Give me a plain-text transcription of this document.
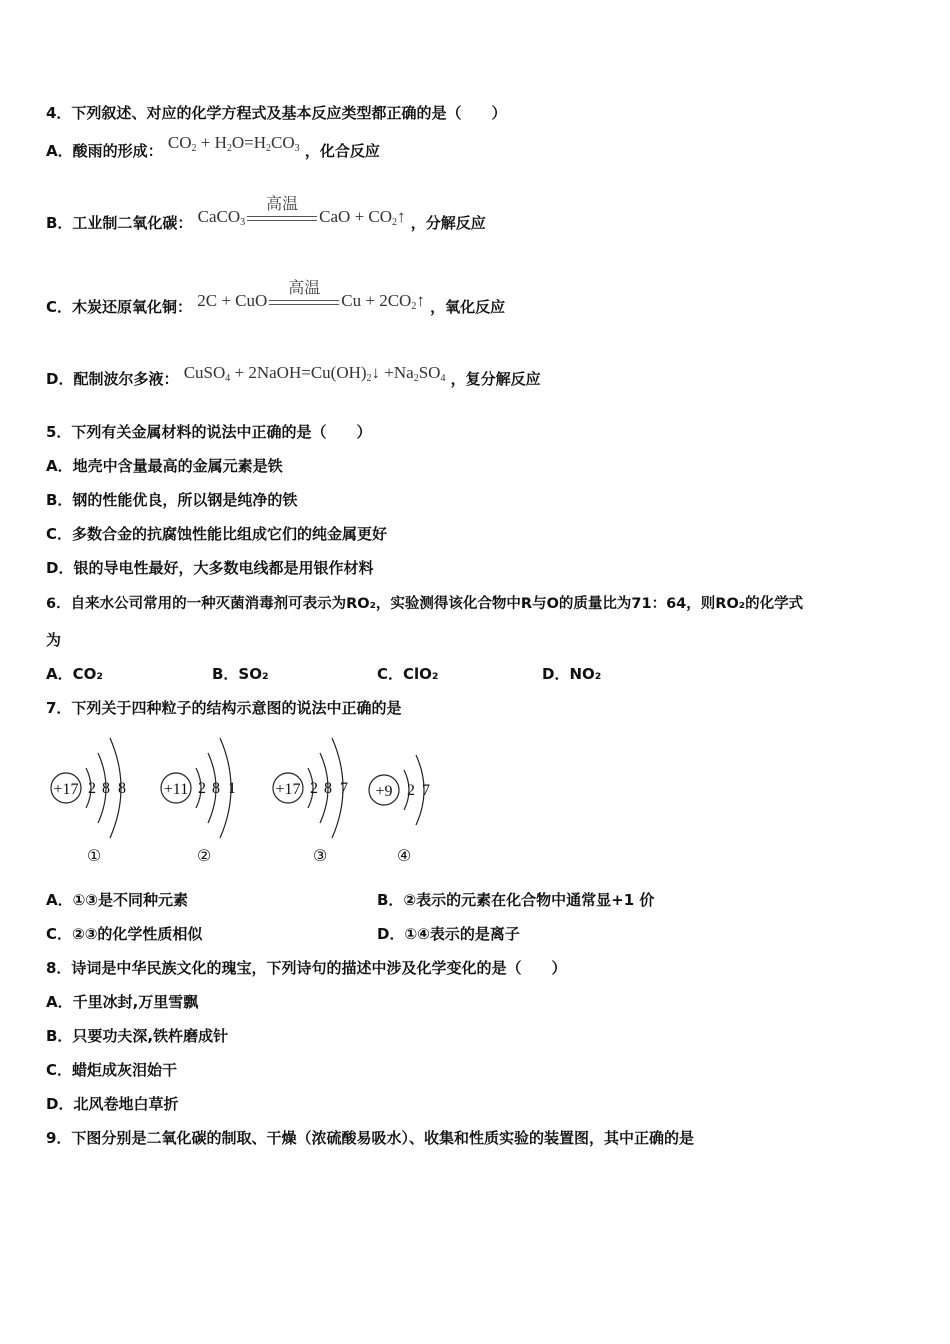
4．下列叙述、对应的化学方程式及基本反应类型都正确的是（　　）
A．酸雨的形成： $CO_2 + H_2O=H_2CO_3$ ，化合反应
B．工业制二氧化碳： CaCO$_3$
高温
CaO + $CO_2↑$ ，分解反应
C．木炭还原氧化铜： 2C + CuO
高温
$Cu + 2CO_2↑$ ，氧化反应
D．配制波尔多液： CuSO$_4$ + $2NaOH=Cu(OH)_2↓ +Na_2SO_4$ ，复分解反应
5．下列有关金属材料的说法中正确的是（　　）
A．地壳中含量最高的金属元素是铁
B．钢的性能优良，所以钢是纯净的铁
C．多数合金的抗腐蚀性能比组成它们的纯金属更好
D．银的导电性最好，大多数电线都是用银作材料
6．自来水公司常用的一种灭菌消毒剂可表示为RO₂，实验测得该化合物中R与O的质量比为71：64，则RO₂的化学式
为
A．CO₂	B．SO₂	C．ClO₂	D．NO₂
7．下列关于四种粒子的结构示意图的说法中正确的是
+17 2 8 8
①
+11 2 8 1
②
+17 2 8 7
③
+9 2 7
④
A．①③是不同种元素	B．②表示的元素在化合物中通常显+1 价
C．②③的化学性质相似	D．①④表示的是离子
8．诗词是中华民族文化的瑰宝，下列诗句的描述中涉及化学变化的是（　　）
A．千里冰封,万里雪飘
B．只要功夫深,铁杵磨成针
C．蜡炬成灰泪始干
D．北风卷地白草折
9．下图分别是二氧化碳的制取、干燥（浓硫酸易吸水）、收集和性质实验的装置图，其中正确的是
